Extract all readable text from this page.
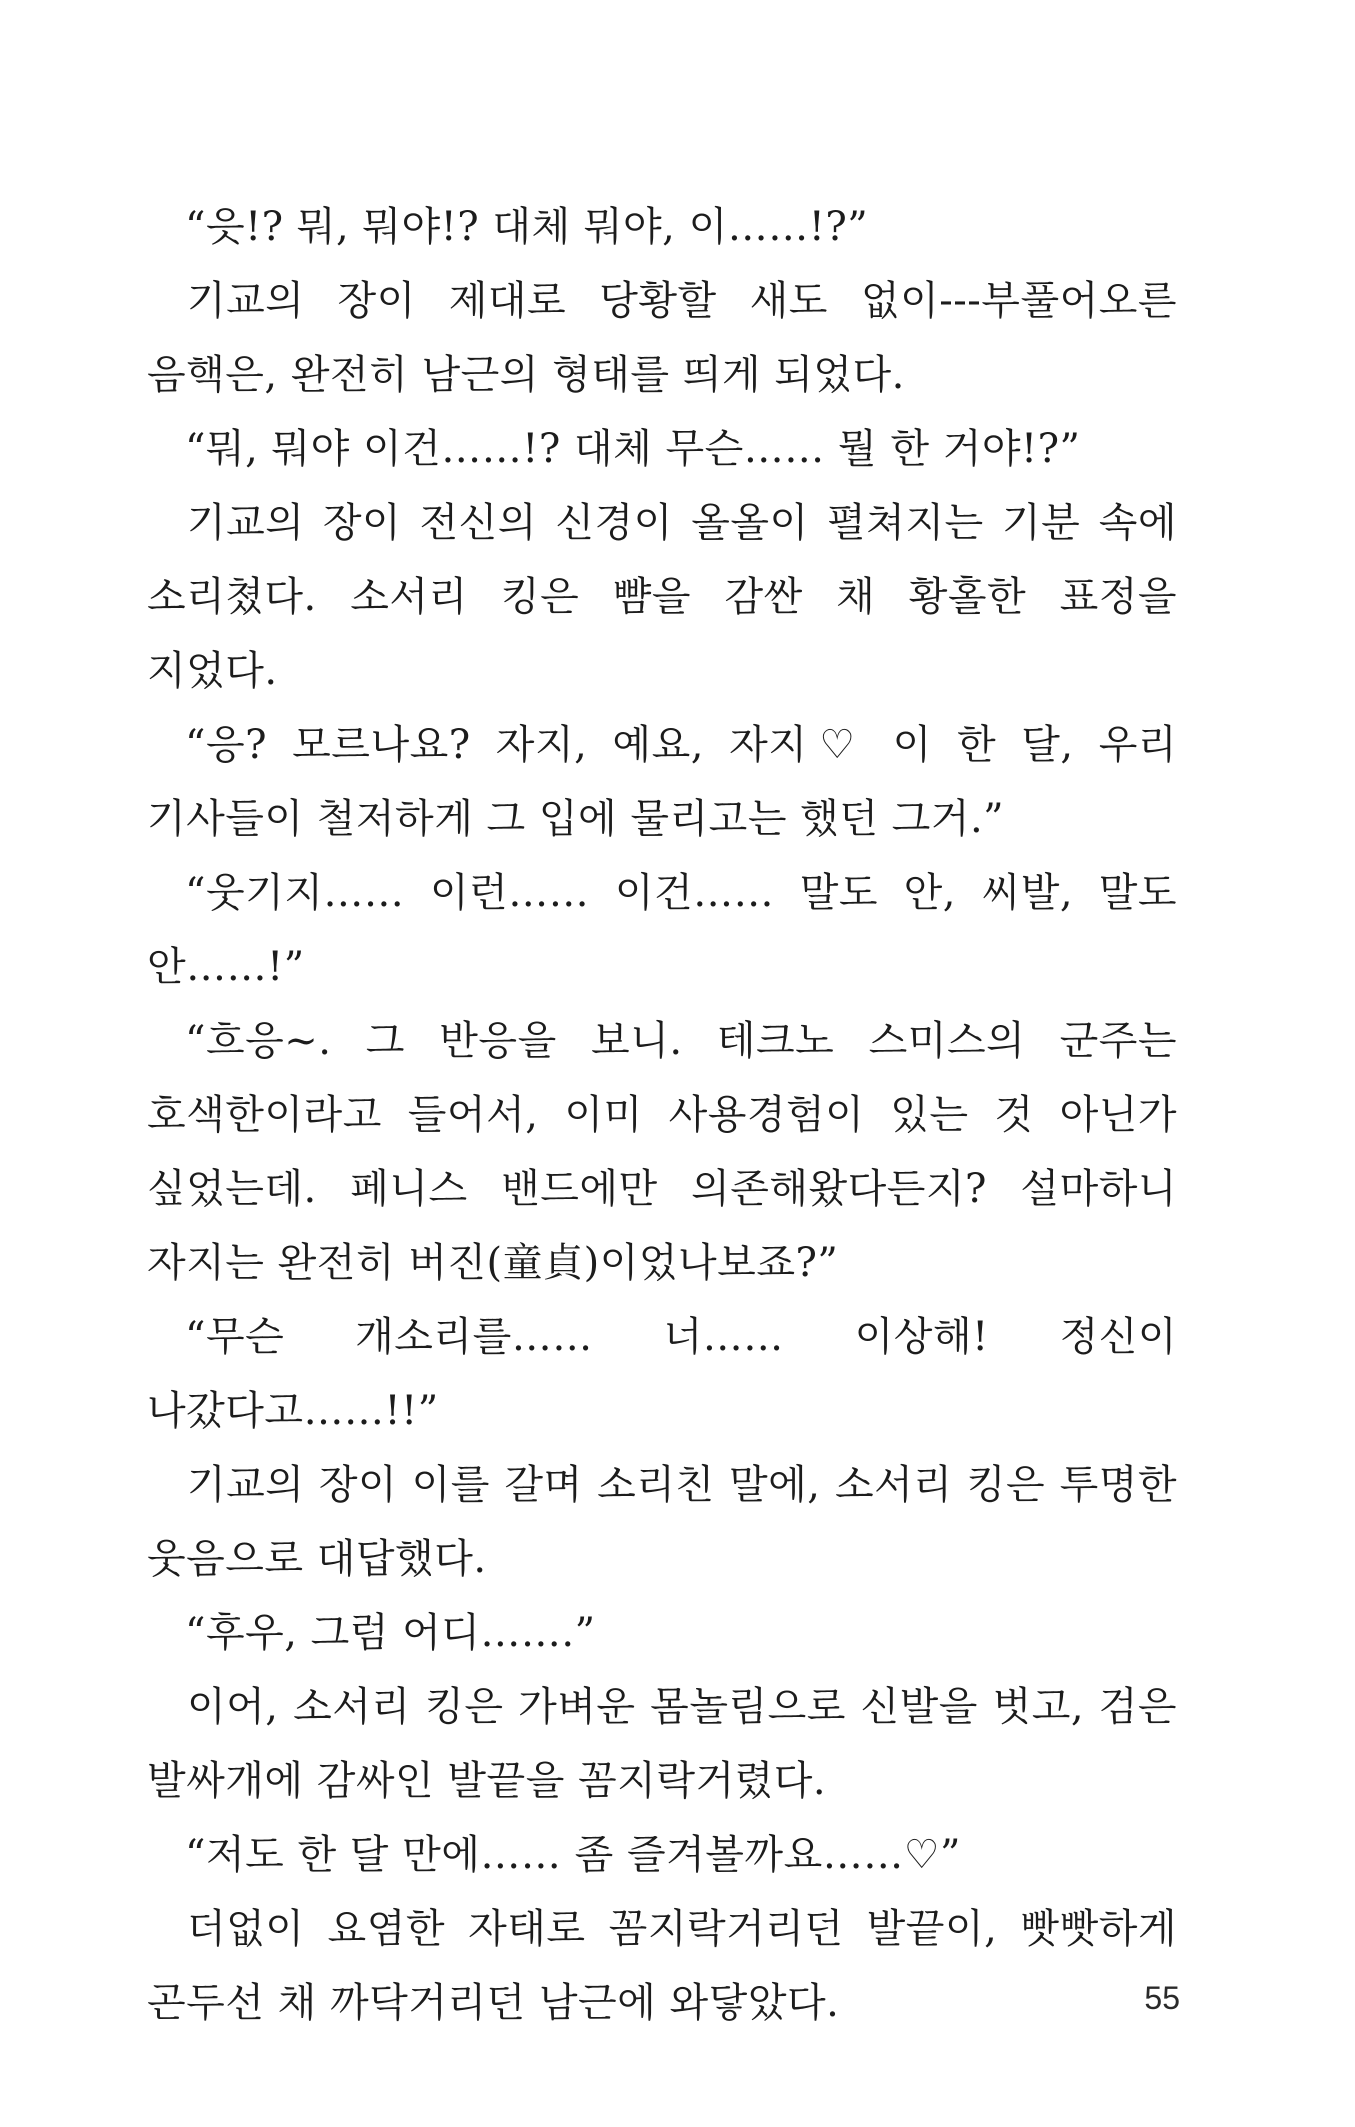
“읏!? 뭐, 뭐야!? 대체 뭐야, 이……!?”

기교의 장이 제대로 당황할 새도 없이---부풀어오른 음핵은, 완전히 남근의 형태를 띄게 되었다.

“뭐, 뭐야 이건……!? 대체 무슨…… 뭘 한 거야!?”

기교의 장이 전신의 신경이 올올이 펼쳐지는 기분 속에 소리쳤다. 소서리 킹은 뺨을 감싼 채 황홀한 표정을 지었다.

“응? 모르나요? 자지, 예요, 자지♡ 이 한 달, 우리 기사들이 철저하게 그 입에 물리고는 했던 그거.”

“웃기지…… 이런…… 이건…… 말도 안, 씨발, 말도 안……!”

“흐응~. 그 반응을 보니. 테크노 스미스의 군주는 호색한이라고 들어서, 이미 사용경험이 있는 것 아닌가 싶었는데. 페니스 밴드에만 의존해왔다든지? 설마하니 자지는 완전히 버진(童貞)이었나보죠?”

“무슨 개소리를…… 너…… 이상해! 정신이 나갔다고……!!”

기교의 장이 이를 갈며 소리친 말에, 소서리 킹은 투명한 웃음으로 대답했다.

“후우, 그럼 어디…….”

이어, 소서리 킹은 가벼운 몸놀림으로 신발을 벗고, 검은 발싸개에 감싸인 발끝을 꼼지락거렸다.

“저도 한 달 만에…… 좀 즐겨볼까요……♡”

더없이 요염한 자태로 꼼지락거리던 발끝이, 빳빳하게 곤두선 채 까닥거리던 남근에 와닿았다.	55
